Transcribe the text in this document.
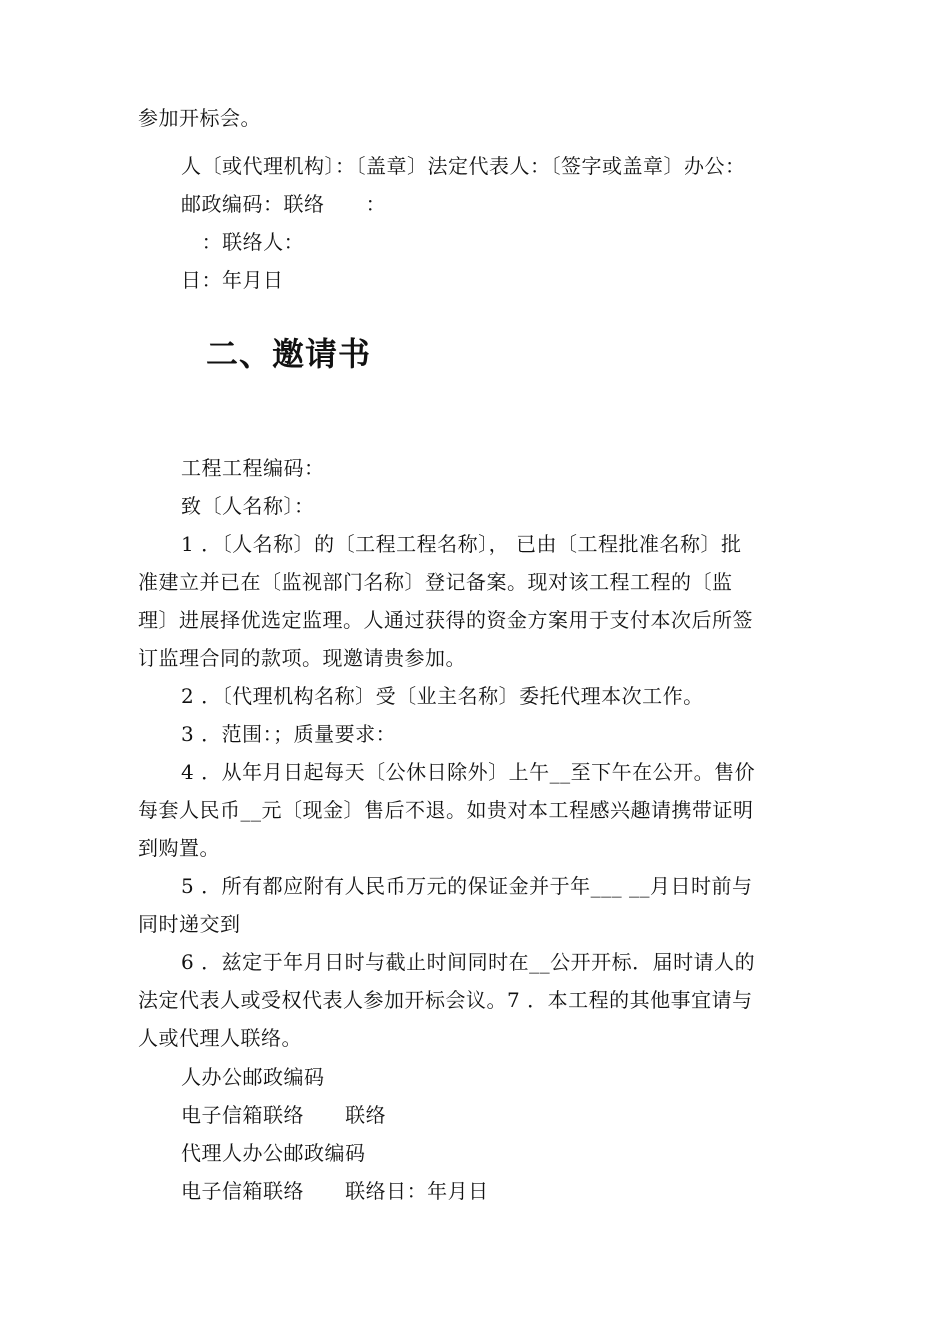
参加开标会。
人〔或代理机构〕：〔盖章〕法定代表人：〔签字或盖章〕办公：
邮政编码：联络      ：
：联络人：
日：年月日
二、邀请书
工程工程编码：
致〔人名称〕：
1 ．〔人名称〕的〔工程工程名称〕， 已由〔工程批准名称〕批
准建立并已在〔监视部门名称〕登记备案。现对该工程工程的〔监
理〕进展择优选定监理。人通过获得的资金方案用于支付本次后所签
订监理合同的款项。现邀请贵参加。
2 ．〔代理机构名称〕受〔业主名称〕委托代理本次工作。
3 ．范围：；质量要求：
4 ．从年月日起每天〔公休日除外〕上午__至下午在公开。售价
每套人民币__元〔现金〕售后不退。如贵对本工程感兴趣请携带证明
到购置。
5 ．所有都应附有人民币万元的保证金并于年___ __月日时前与
同时递交到
6 ．兹定于年月日时与截止时间同时在__公开开标．届时请人的
法定代表人或受权代表人参加开标会议。7 ．本工程的其他事宜请与
人或代理人联络。
人办公邮政编码
电子信箱联络      联络
代理人办公邮政编码
电子信箱联络      联络日：年月日
